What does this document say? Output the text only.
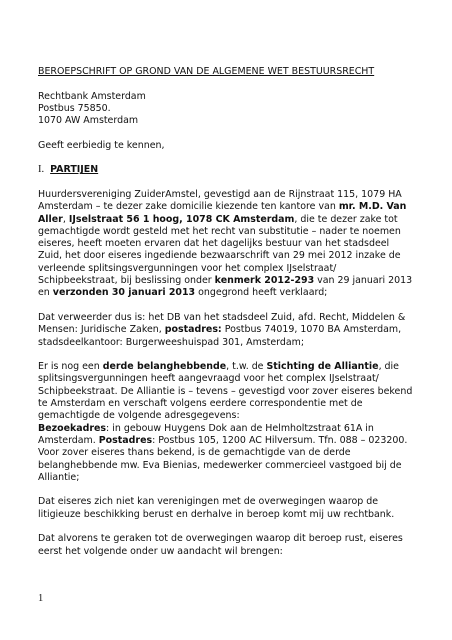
BEROEPSCHRIFT OP GROND VAN DE ALGEMENE WET BESTUURSRECHT

Rechtbank Amsterdam
Postbus 75850.
1070 AW Amsterdam

Geeft eerbiedig te kennen,

I. PARTIJEN

Huurdersvereniging ZuiderAmstel, gevestigd aan de Rijnstraat 115, 1079 HA Amsterdam – te dezer zake domicilie kiezende ten kantore van mr. M.D. Van Aller, IJselstraat 56 1 hoog, 1078 CK Amsterdam, die te dezer zake tot gemachtigde wordt gesteld met het recht van substitutie – nader te noemen eiseres, heeft moeten ervaren dat het dagelijks bestuur van het stadsdeel Zuid, het door eiseres ingediende bezwaarschrift van 29 mei 2012 inzake de verleende splitsingsvergunningen voor het complex IJselstraat/ Schipbeekstraat, bij beslissing onder kenmerk 2012-293 van 29 januari 2013 en verzonden 30 januari 2013 ongegrond heeft verklaard;

Dat verweerder dus is: het DB van het stadsdeel Zuid, afd. Recht, Middelen & Mensen: Juridische Zaken, postadres: Postbus 74019, 1070 BA Amsterdam, stadsdeelkantoor: Burgerweeshuispad 301, Amsterdam;

Er is nog een derde belanghebbende, t.w. de Stichting de Alliantie, die splitsingsvergunningen heeft aangevraagd voor het complex IJselstraat/ Schipbeekstraat. De Alliantie is – tevens – gevestigd voor zover eiseres bekend te Amsterdam en verschaft volgens eerdere correspondentie met de gemachtigde de volgende adresgegevens:
Bezoekadres: in gebouw Huygens Dok aan de Helmholtzstraat 61A in Amsterdam. Postadres: Postbus 105, 1200 AC Hilversum. Tfn. 088 – 023200. Voor zover eiseres thans bekend, is de gemachtigde van de derde belanghebbende mw. Eva Bienias, medewerker commercieel vastgoed bij de Alliantie;

Dat eiseres zich niet kan verenigingen met de overwegingen waarop de litigieuze beschikking berust en derhalve in beroep komt mij uw rechtbank.

Dat alvorens te geraken tot de overwegingen waarop dit beroep rust, eiseres eerst het volgende onder uw aandacht wil brengen:

1
